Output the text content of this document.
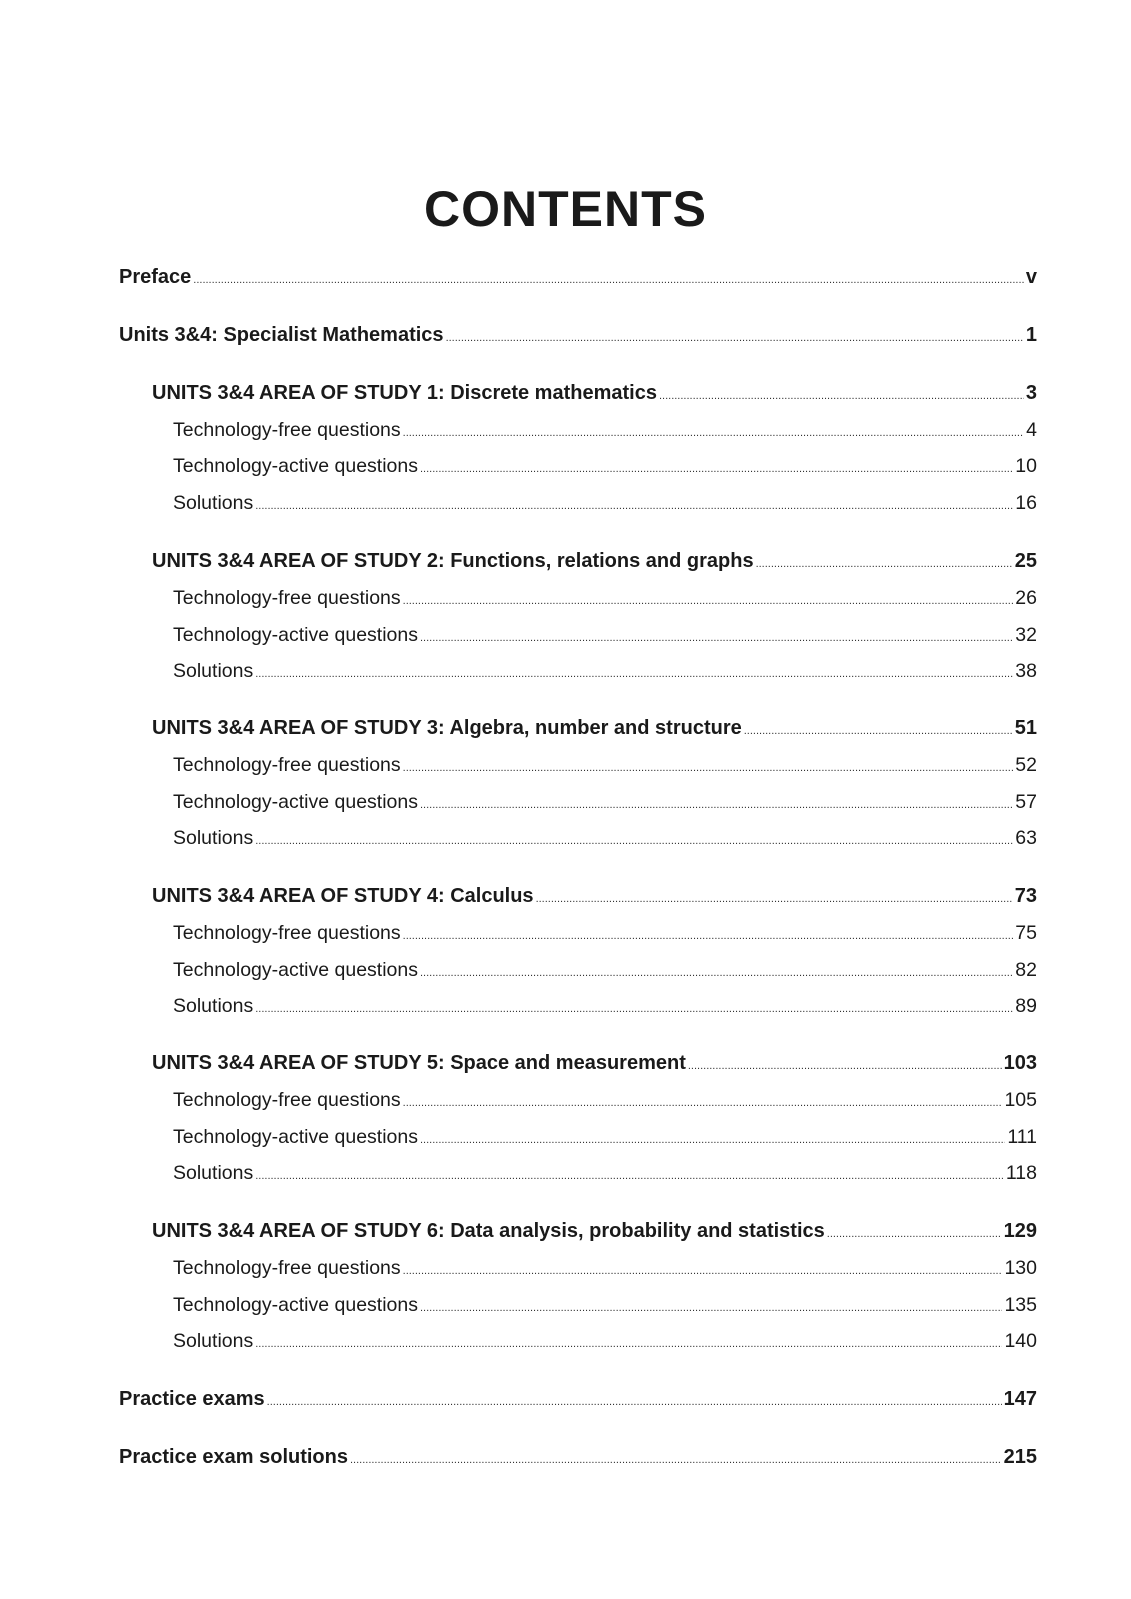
CONTENTS
Preface .....	v
Units 3&4: Specialist Mathematics .....	1
UNITS 3&4 AREA OF STUDY 1: Discrete mathematics .....	3
Technology-free questions .....	4
Technology-active questions .....	10
Solutions .....	16
UNITS 3&4 AREA OF STUDY 2: Functions, relations and graphs .....	25
Technology-free questions .....	26
Technology-active questions .....	32
Solutions .....	38
UNITS 3&4 AREA OF STUDY 3: Algebra, number and structure .....	51
Technology-free questions .....	52
Technology-active questions .....	57
Solutions .....	63
UNITS 3&4 AREA OF STUDY 4: Calculus .....	73
Technology-free questions .....	75
Technology-active questions .....	82
Solutions .....	89
UNITS 3&4 AREA OF STUDY 5: Space and measurement .....	103
Technology-free questions .....	105
Technology-active questions .....	111
Solutions .....	118
UNITS 3&4 AREA OF STUDY 6: Data analysis, probability and statistics .....	129
Technology-free questions .....	130
Technology-active questions .....	135
Solutions .....	140
Practice exams .....	147
Practice exam solutions .....	215
